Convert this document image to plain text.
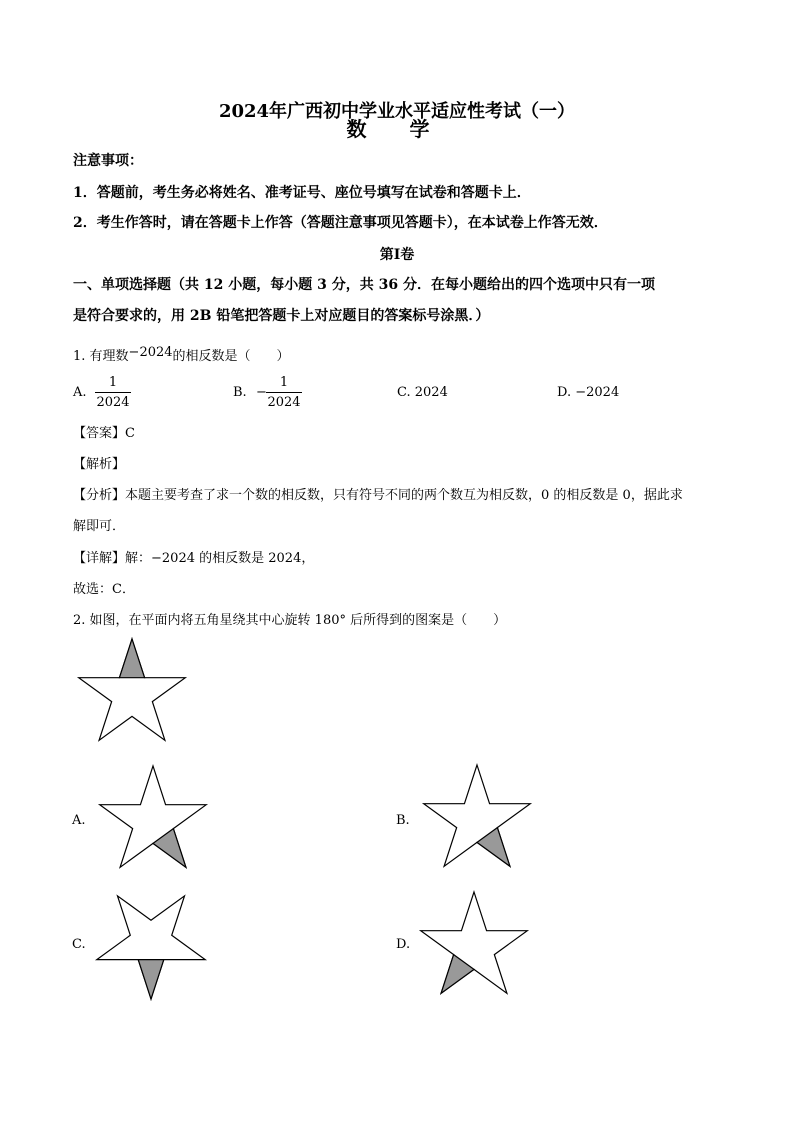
2024年广西初中学业水平适应性考试（一）
数 学
注意事项：
1．答题前，考生务必将姓名、准考证号、座位号填写在试卷和答题卡上．
2．考生作答时，请在答题卡上作答（答题注意事项见答题卡），在本试卷上作答无效．
第Ⅰ卷
一、单项选择题（共 12 小题，每小题 3 分，共 36 分．在每小题给出的四个选项中只有一项
是符合要求的，用 2B 铅笔把答题卡上对应题目的答案标号涂黑．）
1. 有理数−2024的相反数是（　　）
A.
1
2024
B. −
1
2024
C. 2024	D. −2024
【答案】C
【解析】
【分析】本题主要考查了求一个数的相反数，只有符号不同的两个数互为相反数，0 的相反数是 0，据此求
解即可．
【详解】解：−2024 的相反数是 2024，
故选：C．
2. 如图，在平面内将五角星绕其中心旋转 180° 后所得到的图案是（　　）
A.	B.
C.	D.
